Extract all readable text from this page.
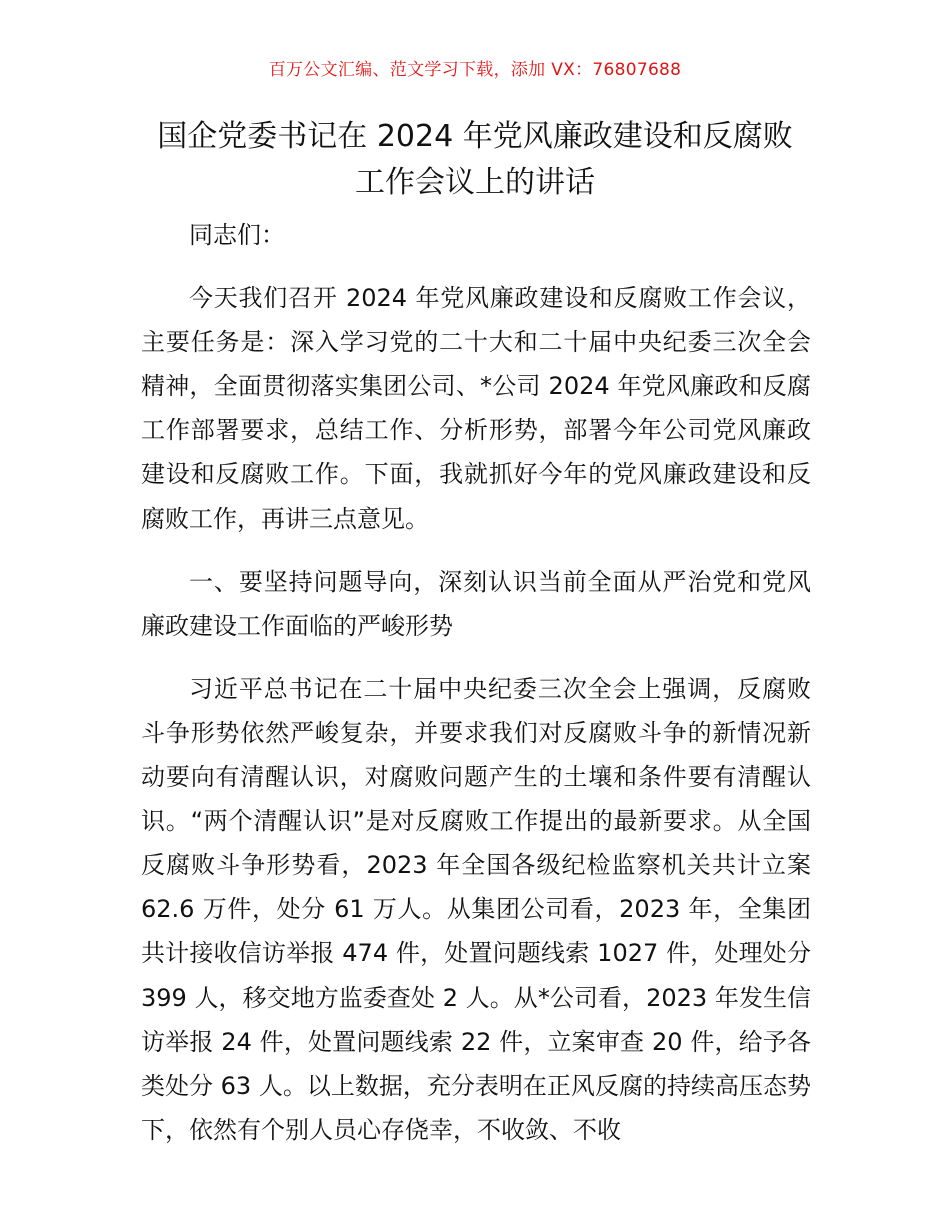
百万公文汇编、范文学习下载，添加 VX：76807688
国企党委书记在 2024 年党风廉政建设和反腐败
工作会议上的讲话

同志们：

今天我们召开 2024 年党风廉政建设和反腐败工作会议，主要任务是：深入学习党的二十大和二十届中央纪委三次全会精神，全面贯彻落实集团公司、*公司 2024 年党风廉政和反腐工作部署要求，总结工作、分析形势，部署今年公司党风廉政建设和反腐败工作。下面，我就抓好今年的党风廉政建设和反腐败工作，再讲三点意见。

一、要坚持问题导向，深刻认识当前全面从严治党和党风廉政建设工作面临的严峻形势

习近平总书记在二十届中央纪委三次全会上强调，反腐败斗争形势依然严峻复杂，并要求我们对反腐败斗争的新情况新动要向有清醒认识，对腐败问题产生的土壤和条件要有清醒认识。“两个清醒认识”是对反腐败工作提出的最新要求。从全国反腐败斗争形势看，2023 年全国各级纪检监察机关共计立案 62.6 万件，处分 61 万人。从集团公司看，2023 年，全集团共计接收信访举报 474 件，处置问题线索 1027 件，处理处分 399 人，移交地方监委查处 2 人。从*公司看，2023 年发生信访举报 24 件，处置问题线索 22 件，立案审查 20 件，给予各类处分 63 人。以上数据，充分表明在正风反腐的持续高压态势下，依然有个别人员心存侥幸，不收敛、不收
